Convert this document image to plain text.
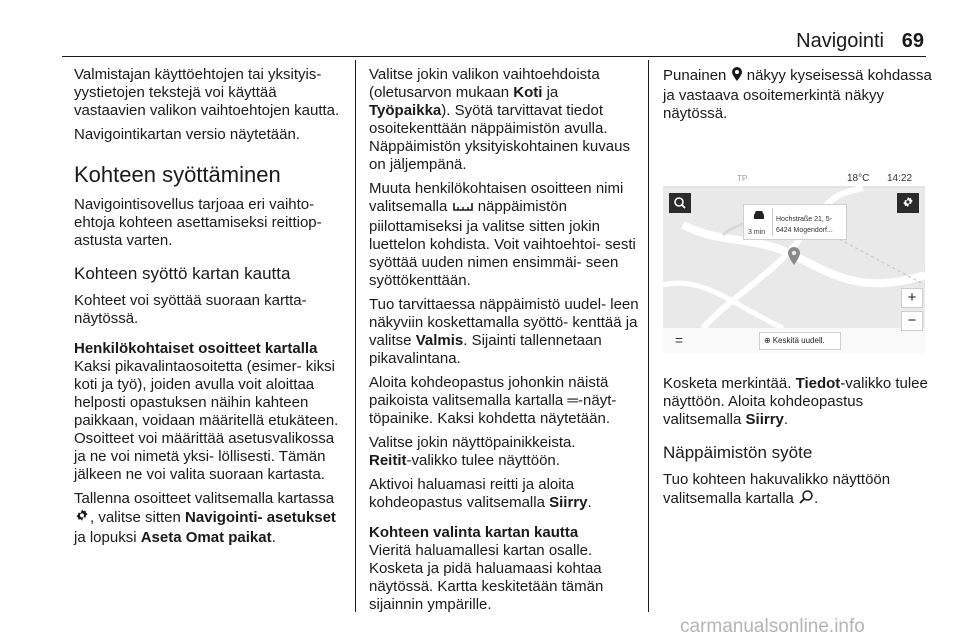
Navigointi 69

Valmistajan käyttöehtojen tai yksityis- yystietojen tekstejä voi käyttää vastaavien valikon vaihtoehtojen kautta.

Navigointikartan versio näytetään.

Kohteen syöttäminen

Navigointisovellus tarjoaa eri vaihto- ehtoja kohteen asettamiseksi reittiop- astusta varten.

Kohteen syöttö kartan kautta

Kohteet voi syöttää suoraan kartta- näytössä.

Henkilökohtaiset osoitteet kartalla

Kaksi pikavalintaosoitetta (esimer- kiksi koti ja työ), joiden avulla voit aloittaa helposti opastuksen näihin kahteen paikkaan, voidaan määritellä etukäteen. Osoitteet voi määrittää asetusvalikossa ja ne voi nimetä yksi- löllisesti. Tämän jälkeen ne voi valita suoraan kartasta.

Tallenna osoitteet valitsemalla kartassa , valitse sitten Navigointi- asetukset ja lopuksi Aseta Omat paikat.

Valitse jokin valikon vaihtoehdoista (oletusarvon mukaan Koti ja Työpaikka). Syötä tarvittavat tiedot osoitekenttään näppäimistön avulla. Näppäimistön yksityiskohtainen kuvaus on jäljempänä.

Muuta henkilökohtaisen osoitteen nimi valitsemalla näppäimistön piilottamiseksi ja valitse sitten jokin luettelon kohdista. Voit vaihtoehtoi- sesti syöttää uuden nimen ensimmäi- seen syöttökenttään.

Tuo tarvittaessa näppäimistö uudel- leen näkyviin koskettamalla syöttö- kenttää ja valitse Valmis. Sijainti tallennetaan pikavalintana.

Aloita kohdeopastus johonkin näistä paikoista valitsemalla kartalla ═-näyt- töpainike. Kaksi kohdetta näytetään.

Valitse jokin näyttöpainikkeista.
Reitit-valikko tulee näyttöön.

Aktivoi haluamasi reitti ja aloita kohdeopastus valitsemalla Siirry.

Kohteen valinta kartan kautta

Vieritä haluamallesi kartan osalle. Kosketa ja pidä haluamaasi kohtaa näytössä. Kartta keskitetään tämän sijainnin ympärille.

Punainen näkyy kyseisessä kohdassa ja vastaava osoitemerkintä näkyy näytössä.

TP	18°C 14:22
3 min
Hochstraße 21, 5-
6424 Mogendorf...
+
−
=	⊕ Keskitä uudell.

Kosketa merkintää. Tiedot-valikko tulee näyttöön. Aloita kohdeopastus valitsemalla Siirry.

Näppäimistön syöte

Tuo kohteen hakuvalikko näyttöön valitsemalla kartalla .

carmanualsonline.info
